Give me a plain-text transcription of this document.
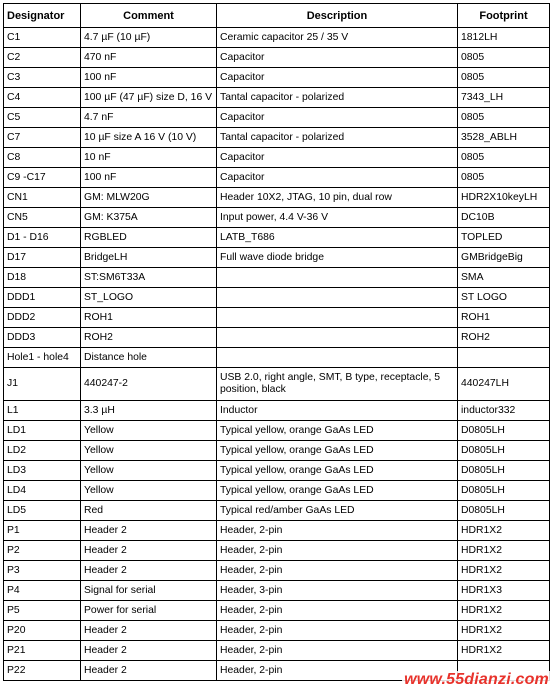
Designator	Comment	Description	Footprint
C1	4.7 µF (10 µF)	Ceramic capacitor 25 / 35 V	1812LH
C2	470 nF	Capacitor	0805
C3	100 nF	Capacitor	0805
C4	100 µF (47 µF) size D, 16 V	Tantal capacitor - polarized	7343_LH
C5	4.7 nF	Capacitor	0805
C7	10 µF size A 16 V (10 V)	Tantal capacitor - polarized	3528_ABLH
C8	10 nF	Capacitor	0805
C9 -C17	100 nF	Capacitor	0805
CN1	GM: MLW20G	Header 10X2, JTAG, 10 pin, dual row	HDR2X10keyLH
CN5	GM: K375A	Input power, 4.4 V-36 V	DC10B
D1 - D16	RGBLED	LATB_T686	TOPLED
D17	BridgeLH	Full wave diode bridge	GMBridgeBig
D18	ST:SM6T33A		SMA
DDD1	ST_LOGO		ST LOGO
DDD2	ROH1		ROH1
DDD3	ROH2		ROH2
Hole1 - hole4	Distance hole		
J1	440247-2	USB 2.0, right angle, SMT, B type, receptacle, 5 position, black	440247LH
L1	3.3 µH	Inductor	inductor332
LD1	Yellow	Typical yellow, orange GaAs LED	D0805LH
LD2	Yellow	Typical yellow, orange GaAs LED	D0805LH
LD3	Yellow	Typical yellow, orange GaAs LED	D0805LH
LD4	Yellow	Typical yellow, orange GaAs LED	D0805LH
LD5	Red	Typical red/amber GaAs LED	D0805LH
P1	Header 2	Header, 2-pin	HDR1X2
P2	Header 2	Header, 2-pin	HDR1X2
P3	Header 2	Header, 2-pin	HDR1X2
P4	Signal for serial	Header, 3-pin	HDR1X3
P5	Power for serial	Header, 2-pin	HDR1X2
P20	Header 2	Header, 2-pin	HDR1X2
P21	Header 2	Header, 2-pin	HDR1X2
P22	Header 2	Header, 2-pin	
www.55dianzi.com
